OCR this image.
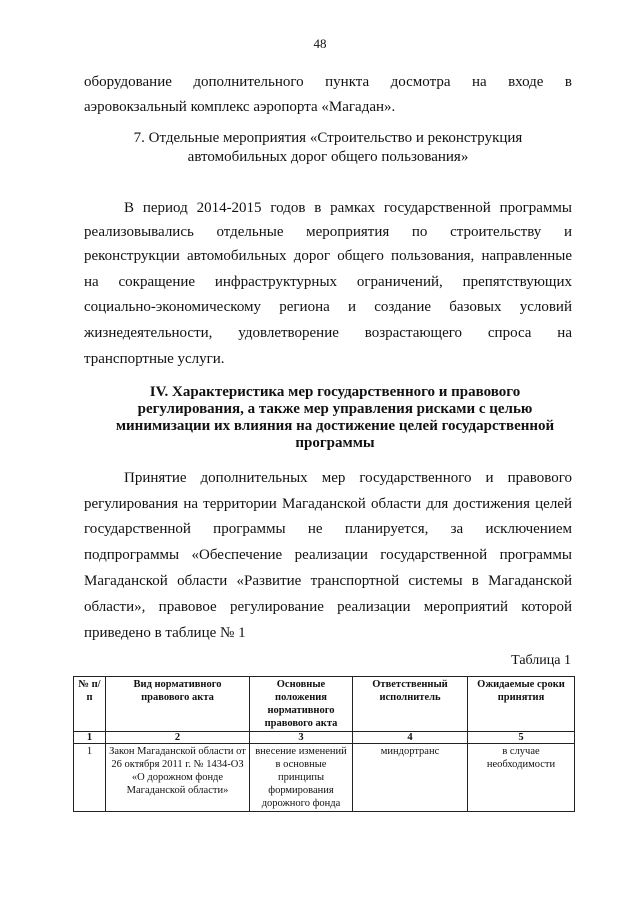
48
оборудование дополнительного пункта досмотра на входе в
аэровокзальный комплекс аэропорта «Магадан».
7. Отдельные мероприятия «Строительство и реконструкция
автомобильных дорог общего пользования»
В период 2014-2015 годов в рамках государственной программы
реализовывались отдельные мероприятия по строительству и
реконструкции автомобильных дорог общего пользования, направленные
на сокращение инфраструктурных ограничений, препятствующих
социально-экономическому региона и создание базовых условий
жизнедеятельности, удовлетворение возрастающего спроса на
транспортные услуги.
IV. Характеристика мер государственного и правового
регулирования, а также мер управления рисками с целью
минимизации их влияния на достижение целей государственной
программы
Принятие дополнительных мер государственного и правового
регулирования на территории Магаданской области для достижения целей
государственной программы не планируется, за исключением
подпрограммы «Обеспечение реализации государственной программы
Магаданской области «Развитие транспортной системы в Магаданской
области», правовое регулирование реализации мероприятий которой
приведено в таблице № 1
Таблица 1
№ п/п	Вид нормативного правового акта	Основные положения нормативного правового акта	Ответственный исполнитель	Ожидаемые сроки принятия
1	2	3	4	5
1	Закон Магаданской области от 26 октября 2011 г. № 1434-ОЗ «О дорожном фонде Магаданской области»	внесение изменений в основные принципы формирования дорожного фонда	миндортранс	в случае необходимости
